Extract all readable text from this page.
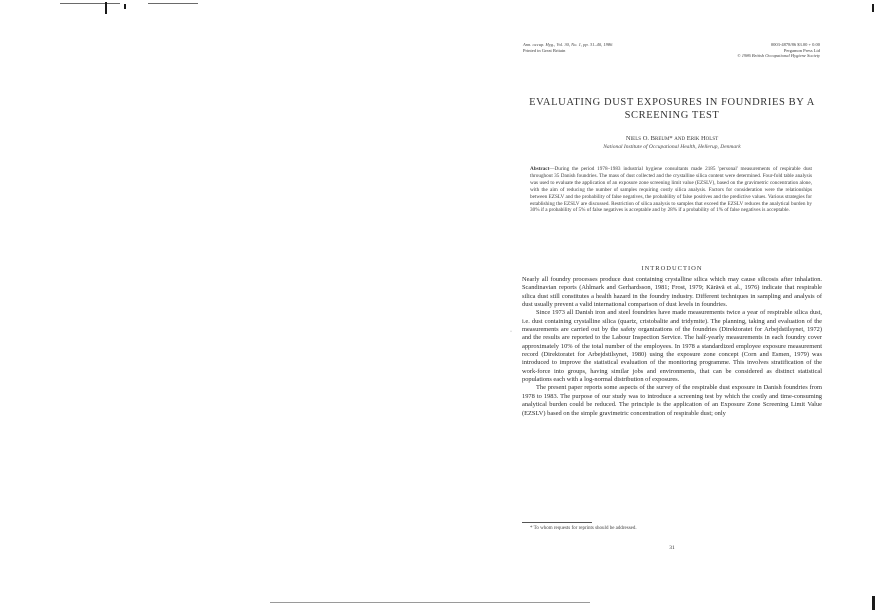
Ann. occup. Hyg., Vol. 30, No. 1, pp. 31–40, 1986
Printed in Great Britain
0003-4878/86 $3.00 + 0.00
Pergamon Press Ltd
© 1986 British Occupational Hygiene Society
EVALUATING DUST EXPOSURES IN FOUNDRIES BY A SCREENING TEST
Niels O. Breum* and Erik Holst
National Institute of Occupational Health, Hellerup, Denmark
Abstract—During the period 1978–1983 industrial hygiene consultants made 2185 'personal' measurements of respirable dust throughout 35 Danish foundries. The mass of dust collected and the crystalline silica content were determined. Four-fold table analysis was used to evaluate the application of an exposure zone screening limit value (EZSLV), based on the gravimetric concentration alone, with the aim of reducing the number of samples requiring costly silica analysis. Factors for consideration were the relationships between EZSLV and the probability of false negatives, the probability of false positives and the predictive values. Various strategies for establishing the EZSLV are discussed. Restriction of silica analysis to samples that exceed the EZSLV reduces the analytical burden by 30% if a probability of 5% of false negatives is acceptable and by 28% if a probability of 1% of false negatives is acceptable.
INTRODUCTION
·

Nearly all foundry processes produce dust containing crystalline silica which may cause silicosis after inhalation. Scandinavian reports (Ahlmark and Gerhardsson, 1981; Frost, 1979; Kärävä et al., 1976) indicate that respirable silica dust still constitutes a health hazard in the foundry industry. Different techniques in sampling and analysis of dust usually prevent a valid international comparison of dust levels in foundries.

Since 1973 all Danish iron and steel foundries have made measurements twice a year of respirable silica dust, i.e. dust containing crystalline silica (quartz, cristobalite and tridymite). The planning, taking and evaluation of the measurements are carried out by the safety organizations of the foundries (Direktoratet for Arbejdstilsynet, 1972) and the results are reported to the Labour Inspection Service. The half-yearly measurements in each foundry cover approximately 10% of the total number of the employees. In 1978 a standardized employee exposure measurement record (Direktoratet for Arbejdstilsynet, 1980) using the exposure zone concept (Corn and Esmen, 1979) was introduced to improve the statistical evaluation of the monitoring programme. This involves stratification of the work-force into groups, having similar jobs and environments, that can be considered as distinct statistical populations each with a log-normal distribution of exposures.

The present paper reports some aspects of the survey of the respirable dust exposure in Danish foundries from 1978 to 1983. The purpose of our study was to introduce a screening test by which the costly and time-consuming analytical burden could be reduced. The principle is the application of an Exposure Zone Screening Limit Value (EZSLV) based on the simple gravimetric concentration of respirable dust; only

* To whom requests for reprints should be addressed.
31
